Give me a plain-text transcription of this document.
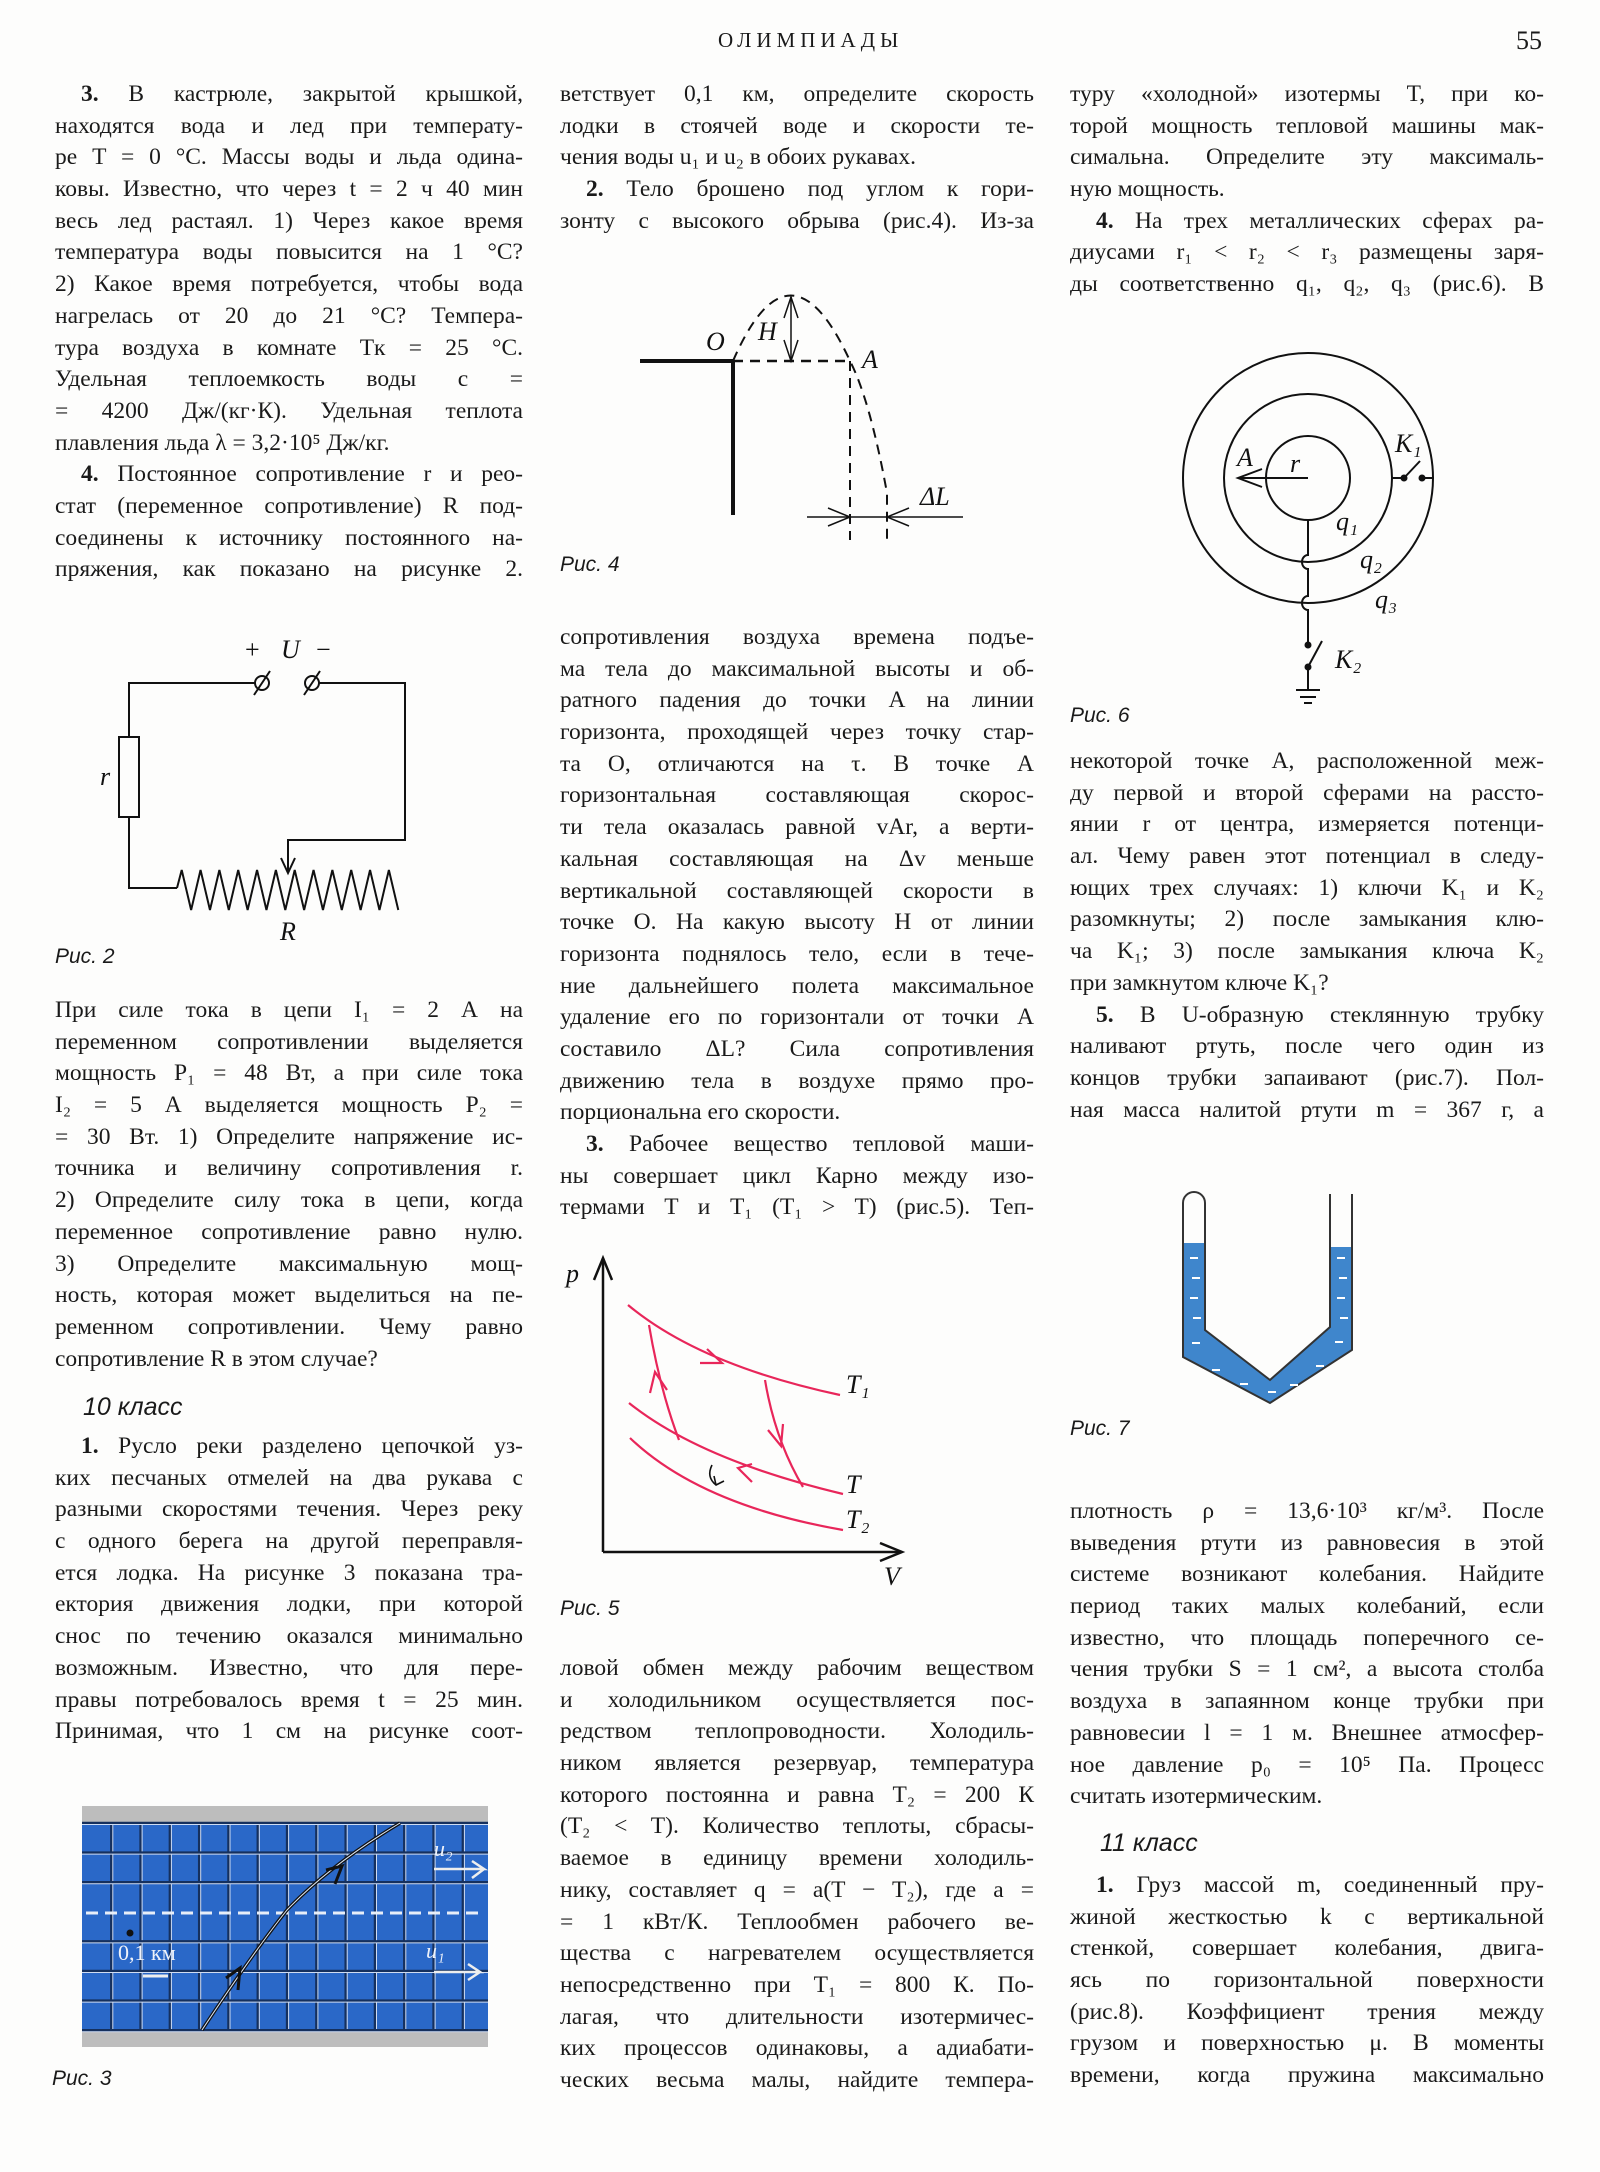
ОЛИМПИАДЫ	55
3. В кастрюле, закрытой крышкой,
находятся вода и лед при температу-
ре T = 0 °C. Массы воды и льда одина-
ковы. Известно, что через t = 2 ч 40 мин
весь лед растаял. 1) Через какое время
температура воды повысится на 1 °C?
2) Какое время потребуется, чтобы вода
нагрелась от 20 до 21 °C? Темпера-
тура воздуха в комнате Tк = 25 °C.
Удельная теплоемкость воды c =
= 4200 Дж/(кг·К). Удельная теплота
плавления льда λ = 3,2·10⁵ Дж/кг.
4. Постоянное сопротивление r и рео-
стат (переменное сопротивление) R под-
соединены к источнику постоянного на-
пряжения, как показано на рисунке 2.
При силе тока в цепи I₁ = 2 А на
переменном сопротивлении выделяется
мощность P₁ = 48 Вт, а при силе тока
I₂ = 5 А выделяется мощность P₂ =
= 30 Вт. 1) Определите напряжение ис-
точника и величину сопротивления r.
2) Определите силу тока в цепи, когда
переменное сопротивление равно нулю.
3) Определите максимальную мощ-
ность, которая может выделиться на пе-
ременном сопротивлении. Чему равно
сопротивление R в этом случае?
10 класс
1. Русло реки разделено цепочкой уз-
ких песчаных отмелей на два рукава с
разными скоростями течения. Через реку
с одного берега на другой переправля-
ется лодка. На рисунке 3 показана тра-
ектория движения лодки, при которой
снос по течению оказался минимально
возможным. Известно, что для пере-
правы потребовалось время t = 25 мин.
Принимая, что 1 см на рисунке соот-
ветствует 0,1 км, определите скорость
лодки в стоячей воде и скорости те-
чения воды u₁ и u₂ в обоих рукавах.
2. Тело брошено под углом к гори-
зонту с высокого обрыва (рис.4). Из-за
сопротивления воздуха времена подъе-
ма тела до максимальной высоты и об-
ратного падения до точки A на линии
горизонта, проходящей через точку стар-
та O, отличаются на τ. В точке A
горизонтальная составляющая скорос-
ти тела оказалась равной vAr, а верти-
кальная составляющая на Δv меньше
вертикальной составляющей скорости в
точке O. На какую высоту H от линии
горизонта поднялось тело, если в тече-
ние дальнейшего полета максимальное
удаление его по горизонтали от точки A
составило ΔL? Сила сопротивления
движению тела в воздухе прямо про-
порциональна его скорости.
3. Рабочее вещество тепловой маши-
ны совершает цикл Карно между изо-
термами T и T₁ (T₁ > T) (рис.5). Теп-
ловой обмен между рабочим веществом
и холодильником осуществляется пос-
редством теплопроводности. Холодиль-
ником является резервуар, температура
которого постоянна и равна T₂ = 200 К
(T₂ < T). Количество теплоты, сбрасы-
ваемое в единицу времени холодиль-
нику, составляет q = a(T − T₂), где a =
= 1 кВт/К. Теплообмен рабочего ве-
щества с нагревателем осуществляется
непосредственно при T₁ = 800 К. По-
лагая, что длительности изотермичес-
ких процессов одинаковы, а адиабати-
ческих весьма малы, найдите темпера-
туру «холодной» изотермы T, при ко-
торой мощность тепловой машины мак-
симальна. Определите эту максималь-
ную мощность.
4. На трех металлических сферах ра-
диусами r₁ < r₂ < r₃ размещены заря-
ды соответственно q₁, q₂, q₃ (рис.6). В
некоторой точке A, расположенной меж-
ду первой и второй сферами на рассто-
янии r от центра, измеряется потенци-
ал. Чему равен этот потенциал в следу-
ющих трех случаях: 1) ключи K₁ и K₂
разомкнуты; 2) после замыкания клю-
ча K₁; 3) после замыкания ключа K₂
при замкнутом ключе K₁?
5. В U-образную стеклянную трубку
наливают ртуть, после чего один из
концов трубки запаивают (рис.7). Пол-
ная масса налитой ртути m = 367 г, а
плотность ρ = 13,6·10³ кг/м³. После
выведения ртути из равновесия в этой
системе возникают колебания. Найдите
период таких малых колебаний, если
известно, что площадь поперечного се-
чения трубки S = 1 см², а высота столба
воздуха в запаянном конце трубки при
равновесии l = 1 м. Внешнее атмосфер-
ное давление p₀ = 10⁵ Па. Процесс
считать изотермическим.
11 класс
1. Груз массой m, соединенный пру-
жиной жесткостью k с вертикальной
стенкой, совершает колебания, двига-
ясь по горизонтальной поверхности
(рис.8). Коэффициент трения между
грузом и поверхностью μ. В моменты
времени, когда пружина максимально
Рис. 2
Рис. 3
Рис. 4
Рис. 5
Рис. 6
Рис. 7
+ U −
r
R
0,1 км
u₂
u₁
O H
A
ΔL
p
V
T₁
T
T₂
A r
K₁
K₂
q₁
q₂
q₃
